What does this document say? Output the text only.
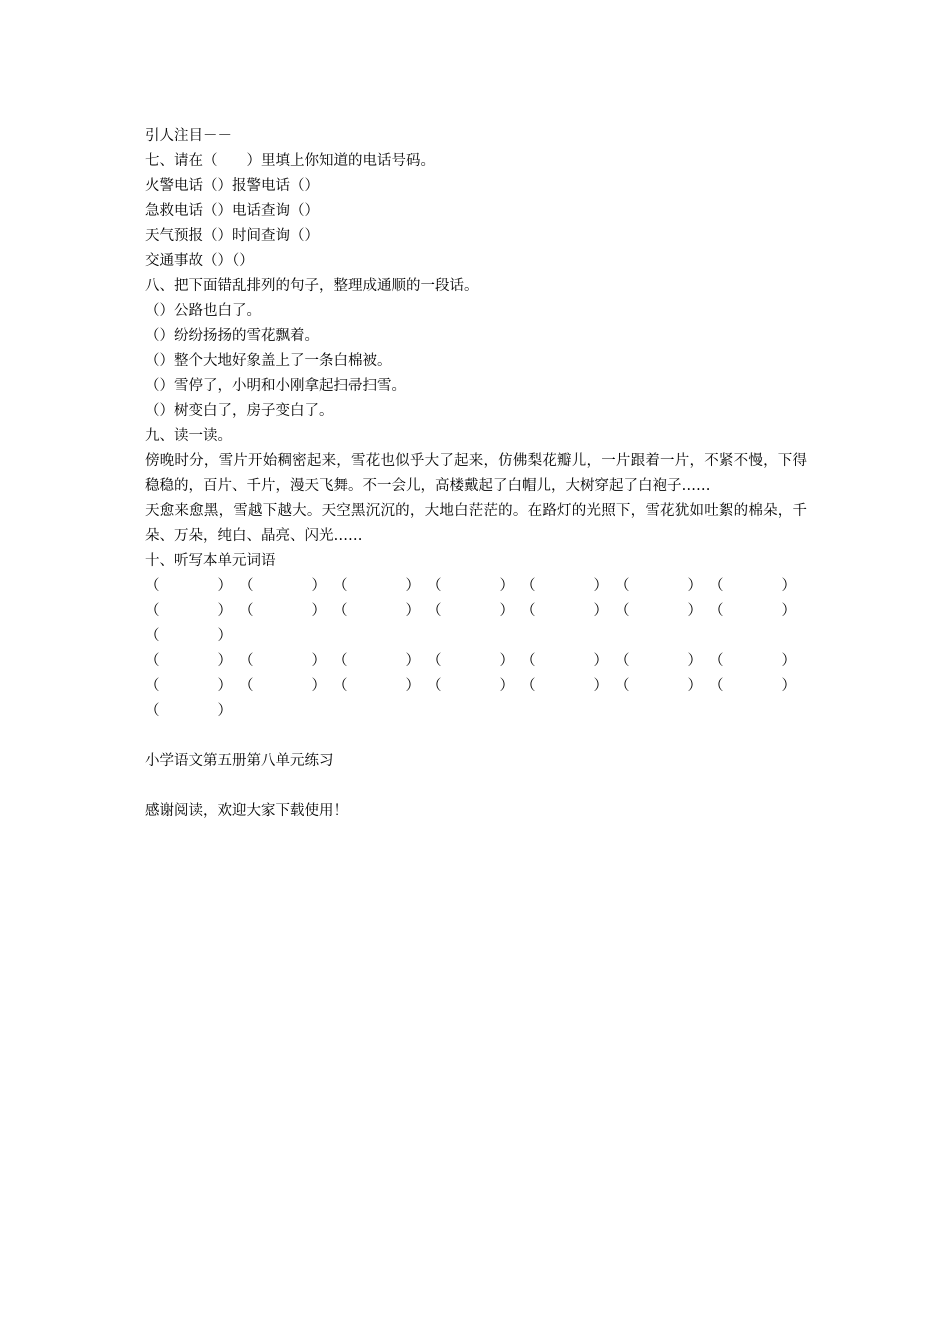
引人注目－－
七、请在（　　）里填上你知道的电话号码。
火警电话（）报警电话（）
急救电话（）电话查询（）
天气预报（）时间查询（）
交通事故（）（）
八、把下面错乱排列的句子，整理成通顺的一段话。
（）公路也白了。
（）纷纷扬扬的雪花飘着。
（）整个大地好象盖上了一条白棉被。
（）雪停了，小明和小刚拿起扫帚扫雪。
（）树变白了，房子变白了。
九、读一读。
傍晚时分，雪片开始稠密起来，雪花也似乎大了起来，仿佛梨花瓣儿，一片跟着一片，不紧不慢，下得稳稳的，百片、千片，漫天飞舞。不一会儿，高楼戴起了白帽儿，大树穿起了白袍子……
天愈来愈黑，雪越下越大。天空黑沉沉的，大地白茫茫的。在路灯的光照下，雪花犹如吐絮的棉朵，千朵、万朵，纯白、晶亮、闪光……
十、听写本单元词语
（　　　　） （　　　　） （　　　　） （　　　　） （　　　　） （　　　　） （　　　　）
（　　　　） （　　　　） （　　　　） （　　　　） （　　　　） （　　　　） （　　　　）
（　　　　）
（　　　　） （　　　　） （　　　　） （　　　　） （　　　　） （　　　　） （　　　　）
（　　　　） （　　　　） （　　　　） （　　　　） （　　　　） （　　　　） （　　　　）
（　　　　）
小学语文第五册第八单元练习
感谢阅读，欢迎大家下载使用！
